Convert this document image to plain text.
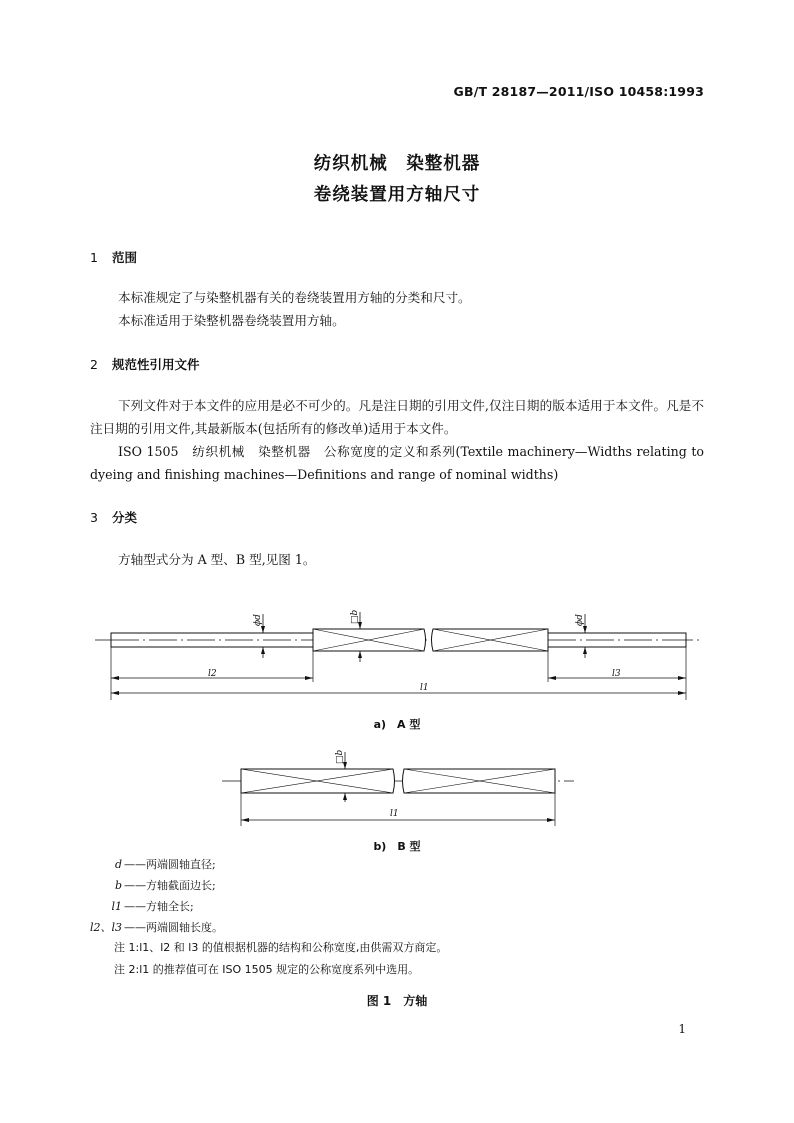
GB/T 28187—2011/ISO 10458:1993
纺织机械　染整机器
卷绕装置用方轴尺寸
1 范围
本标准规定了与染整机器有关的卷绕装置用方轴的分类和尺寸。
本标准适用于染整机器卷绕装置用方轴。
2 规范性引用文件
下列文件对于本文件的应用是必不可少的。凡是注日期的引用文件,仅注日期的版本适用于本文件。凡是不注日期的引用文件,其最新版本(包括所有的修改单)适用于本文件。
ISO 1505　纺织机械　染整机器　公称宽度的定义和系列(Textile machinery—Widths relating to dyeing and finishing machines—Definitions and range of nominal widths)
3 分类
方轴型式分为 A 型、B 型,见图 1。
ϕd	□b	ϕd
l2
l1
l3
a)　A 型
□b
l1
b)　B 型
d ——两端圆轴直径;
b ——方轴截面边长;
l1 ——方轴全长;
l2、l3 ——两端圆轴长度。
注 1:l1、l2 和 l3 的值根据机器的结构和公称宽度,由供需双方商定。
注 2:l1 的推荐值可在 ISO 1505 规定的公称宽度系列中选用。
图 1　方轴
1
